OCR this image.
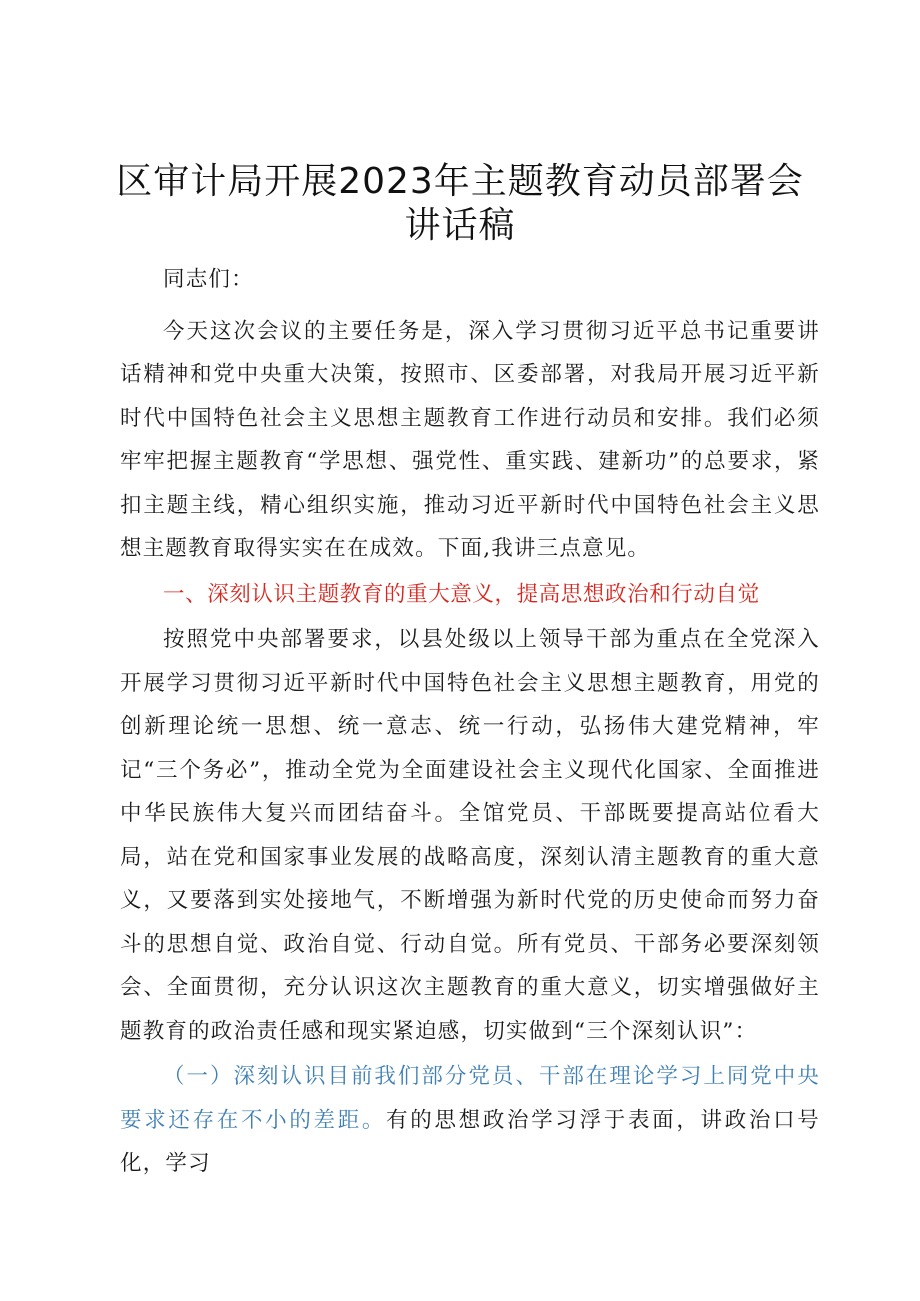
区审计局开展2023年主题教育动员部署会讲话稿

同志们：

今天这次会议的主要任务是，深入学习贯彻习近平总书记重要讲话精神和党中央重大决策，按照市、区委部署，对我局开展习近平新时代中国特色社会主义思想主题教育工作进行动员和安排。我们必须牢牢把握主题教育“学思想、强党性、重实践、建新功”的总要求，紧扣主题主线，精心组织实施，推动习近平新时代中国特色社会主义思想主题教育取得实实在在成效。下面,我讲三点意见。

一、深刻认识主题教育的重大意义，提高思想政治和行动自觉

按照党中央部署要求，以县处级以上领导干部为重点在全党深入开展学习贯彻习近平新时代中国特色社会主义思想主题教育，用党的创新理论统一思想、统一意志、统一行动，弘扬伟大建党精神，牢记“三个务必”，推动全党为全面建设社会主义现代化国家、全面推进中华民族伟大复兴而团结奋斗。全馆党员、干部既要提高站位看大局，站在党和国家事业发展的战略高度，深刻认清主题教育的重大意义，又要落到实处接地气，不断增强为新时代党的历史使命而努力奋斗的思想自觉、政治自觉、行动自觉。所有党员、干部务必要深刻领会、全面贯彻，充分认识这次主题教育的重大意义，切实增强做好主题教育的政治责任感和现实紧迫感，切实做到“三个深刻认识”：

（一）深刻认识目前我们部分党员、干部在理论学习上同党中央要求还存在不小的差距。有的思想政治学习浮于表面，讲政治口号化，学习
